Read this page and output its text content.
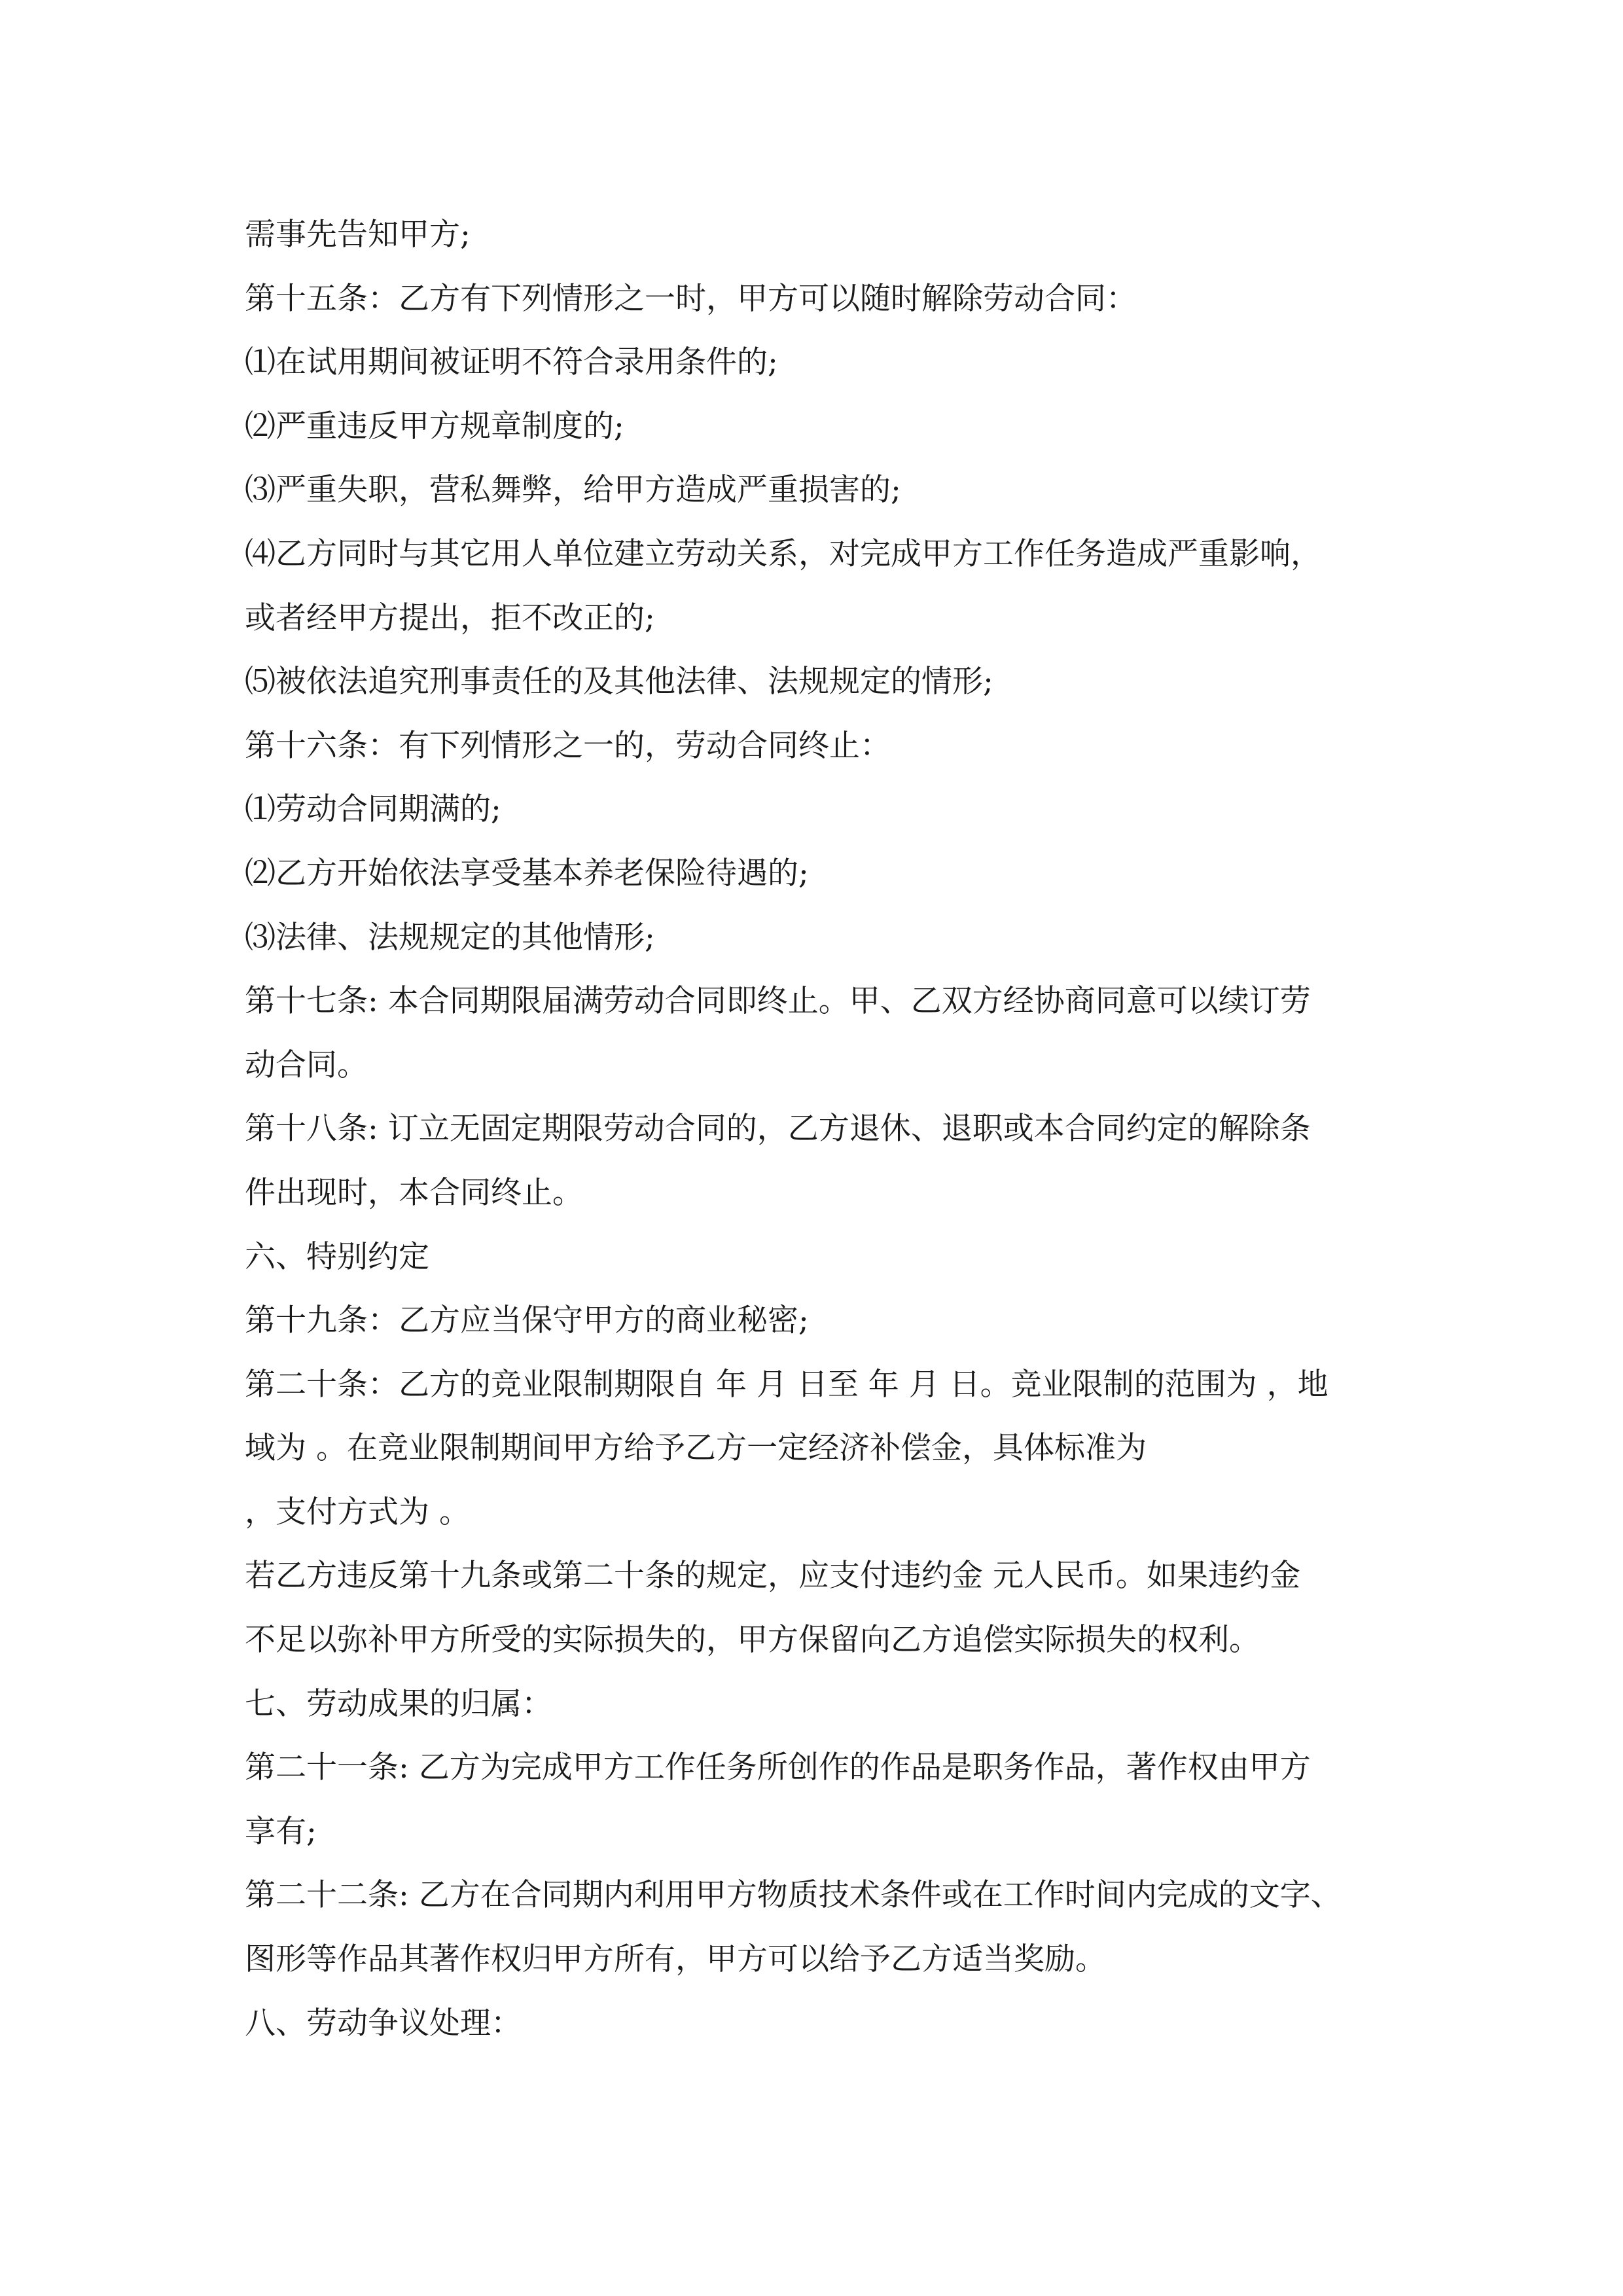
需事先告知甲方;
第十五条：乙方有下列情形之一时，甲方可以随时解除劳动合同：
⑴在试用期间被证明不符合录用条件的;
⑵严重违反甲方规章制度的;
⑶严重失职，营私舞弊，给甲方造成严重损害的;
⑷乙方同时与其它用人单位建立劳动关系，对完成甲方工作任务造成严重影响，
或者经甲方提出，拒不改正的;
⑸被依法追究刑事责任的及其他法律、法规规定的情形;
第十六条：有下列情形之一的，劳动合同终止：
⑴劳动合同期满的;
⑵乙方开始依法享受基本养老保险待遇的;
⑶法律、法规规定的其他情形;
第十七条: 本合同期限届满劳动合同即终止。甲、乙双方经协商同意可以续订劳
动合同。
第十八条: 订立无固定期限劳动合同的，乙方退休、退职或本合同约定的解除条
件出现时，本合同终止。
六、特别约定
第十九条：乙方应当保守甲方的商业秘密;
第二十条：乙方的竞业限制期限自 年 月 日至 年 月 日。竞业限制的范围为 ，地
域为 。在竞业限制期间甲方给予乙方一定经济补偿金，具体标准为
，支付方式为 。
若乙方违反第十九条或第二十条的规定，应支付违约金 元人民币。如果违约金
不足以弥补甲方所受的实际损失的，甲方保留向乙方追偿实际损失的权利。
七、劳动成果的归属：
第二十一条: 乙方为完成甲方工作任务所创作的作品是职务作品，著作权由甲方
享有;
第二十二条: 乙方在合同期内利用甲方物质技术条件或在工作时间内完成的文字、
图形等作品其著作权归甲方所有，甲方可以给予乙方适当奖励。
八、劳动争议处理：
